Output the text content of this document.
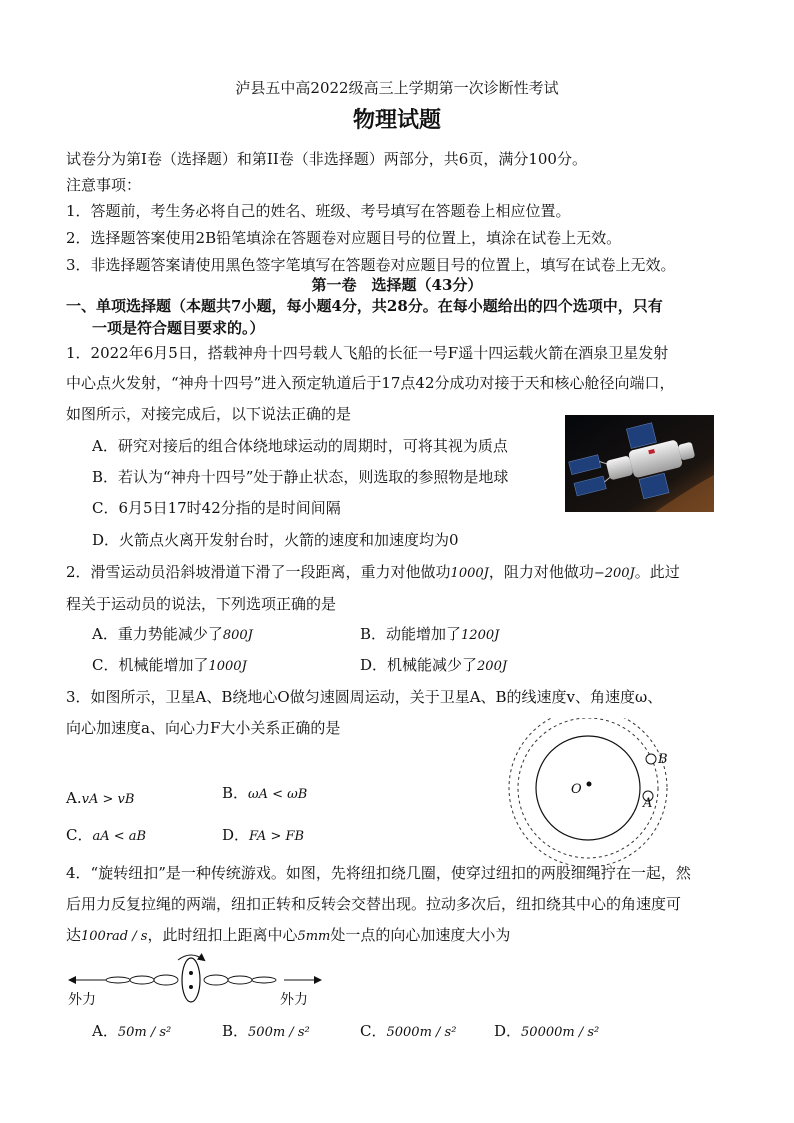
泸县五中高2022级高三上学期第一次诊断性考试
物理试题
试卷分为第I卷（选择题）和第II卷（非选择题）两部分，共6页，满分100分。
注意事项：
1．答题前，考生务必将自己的姓名、班级、考号填写在答题卷上相应位置。
2．选择题答案使用2B铅笔填涂在答题卷对应题目号的位置上，填涂在试卷上无效。
3．非选择题答案请使用黑色签字笔填写在答题卷对应题目号的位置上，填写在试卷上无效。
第一卷　选择题（43分）
一、单项选择题（本题共7小题，每小题4分，共28分。在每小题给出的四个选项中，只有
一项是符合题目要求的。）
1．2022年6月5日，搭载神舟十四号载人飞船的长征一号F遥十四运载火箭在酒泉卫星发射
中心点火发射，“神舟十四号”进入预定轨道后于17点42分成功对接于天和核心舱径向端口，
如图所示，对接完成后，以下说法正确的是
A．研究对接后的组合体绕地球运动的周期时，可将其视为质点
B．若认为“神舟十四号”处于静止状态，则选取的参照物是地球
C．6月5日17时42分指的是时间间隔
D．火箭点火离开发射台时，火箭的速度和加速度均为0
2．滑雪运动员沿斜坡滑道下滑了一段距离，重力对他做功1000J，阻力对他做功−200J。此过
程关于运动员的说法，下列选项正确的是
A．重力势能减少了800J	B．动能增加了1200J
C．机械能增加了1000J	D．机械能减少了200J
3．如图所示，卫星A、B绕地心O做匀速圆周运动，关于卫星A、B的线速度v、角速度ω、
向心加速度a、向心力F大小关系正确的是
A.vA > vB	B．ωA < ωB
C．aA < aB	D．FA > FB
O
B
A
4．“旋转纽扣”是一种传统游戏。如图，先将纽扣绕几圈，使穿过纽扣的两股细绳拧在一起，然
后用力反复拉绳的两端，纽扣正转和反转会交替出现。拉动多次后，纽扣绕其中心的角速度可
达100rad / s，此时纽扣上距离中心5mm处一点的向心加速度大小为
外力	外力
A．50m / s²	B．500m / s²	C．5000m / s²	D．50000m / s²
